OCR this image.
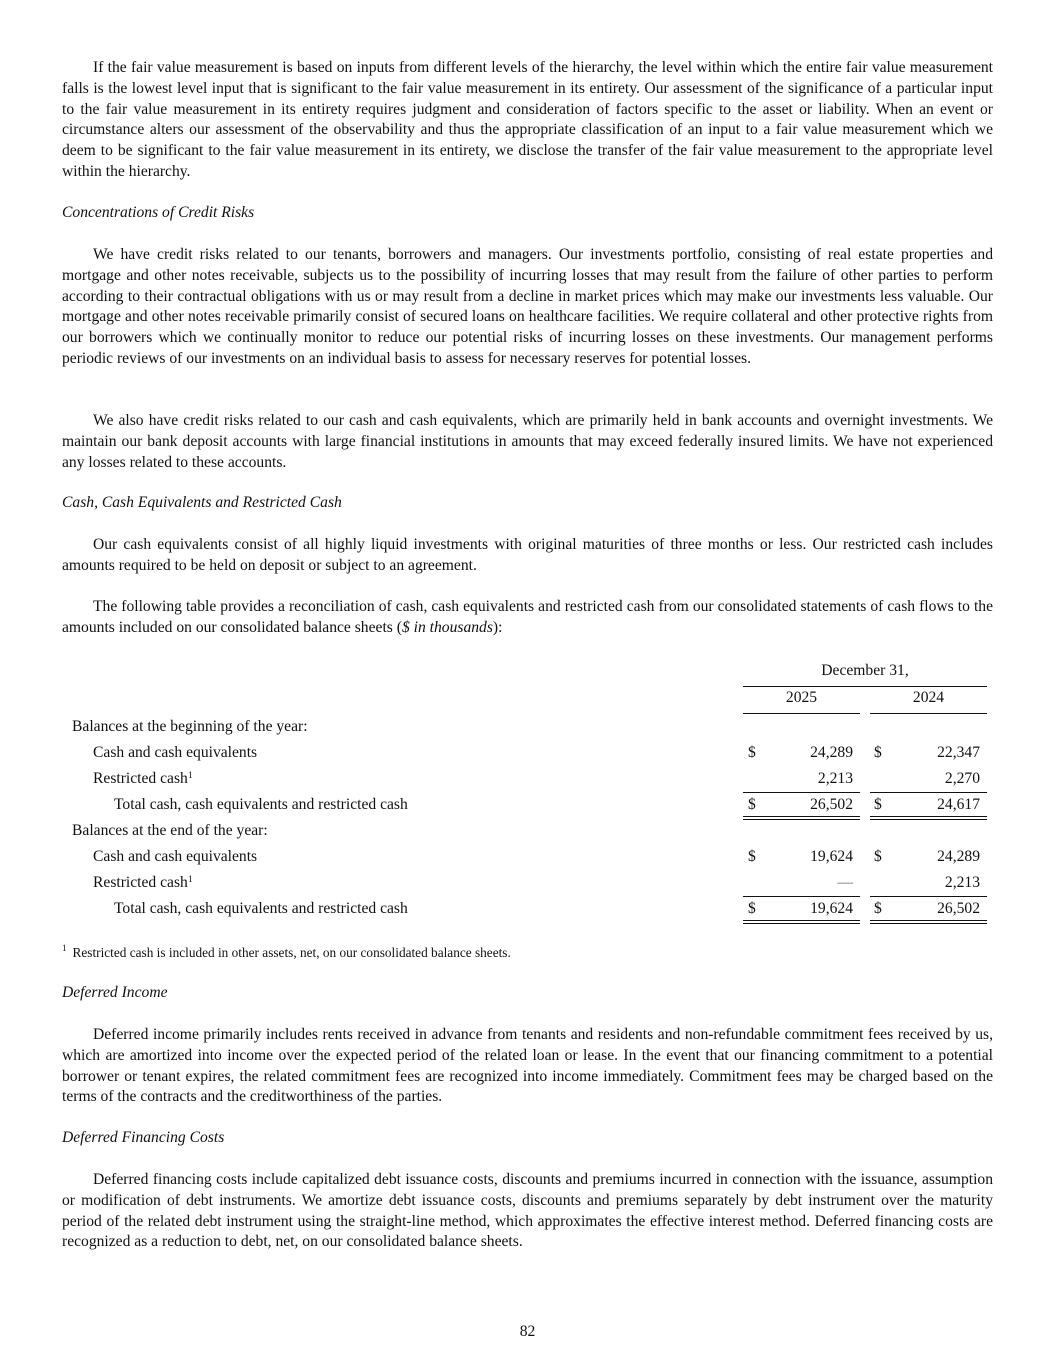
If the fair value measurement is based on inputs from different levels of the hierarchy, the level within which the entire fair value measurement falls is the lowest level input that is significant to the fair value measurement in its entirety. Our assessment of the significance of a particular input to the fair value measurement in its entirety requires judgment and consideration of factors specific to the asset or liability. When an event or circumstance alters our assessment of the observability and thus the appropriate classification of an input to a fair value measurement which we deem to be significant to the fair value measurement in its entirety, we disclose the transfer of the fair value measurement to the appropriate level within the hierarchy.

Concentrations of Credit Risks

We have credit risks related to our tenants, borrowers and managers. Our investments portfolio, consisting of real estate properties and mortgage and other notes receivable, subjects us to the possibility of incurring losses that may result from the failure of other parties to perform according to their contractual obligations with us or may result from a decline in market prices which may make our investments less valuable. Our mortgage and other notes receivable primarily consist of secured loans on healthcare facilities. We require collateral and other protective rights from our borrowers which we continually monitor to reduce our potential risks of incurring losses on these investments. Our management performs periodic reviews of our investments on an individual basis to assess for necessary reserves for potential losses.

We also have credit risks related to our cash and cash equivalents, which are primarily held in bank accounts and overnight investments. We maintain our bank deposit accounts with large financial institutions in amounts that may exceed federally insured limits. We have not experienced any losses related to these accounts.

Cash, Cash Equivalents and Restricted Cash

Our cash equivalents consist of all highly liquid investments with original maturities of three months or less. Our restricted cash includes amounts required to be held on deposit or subject to an agreement.

The following table provides a reconciliation of cash, cash equivalents and restricted cash from our consolidated statements of cash flows to the amounts included on our consolidated balance sheets ($ in thousands):

December 31,
2025	2024
Balances at the beginning of the year:
Cash and cash equivalents	$	24,289 $	22,347
Restricted cash$^1$	2,213	2,270
Total cash, cash equivalents and restricted cash	$	26,502 $	24,617
Balances at the end of the year:
Cash and cash equivalents	$	19,624 $	24,289
Restricted cash$^1$	—	2,213
Total cash, cash equivalents and restricted cash	$	19,624 $	26,502
$^1$ Restricted cash is included in other assets, net, on our consolidated balance sheets.

Deferred Income

Deferred income primarily includes rents received in advance from tenants and residents and non-refundable commitment fees received by us, which are amortized into income over the expected period of the related loan or lease. In the event that our financing commitment to a potential borrower or tenant expires, the related commitment fees are recognized into income immediately. Commitment fees may be charged based on the terms of the contracts and the creditworthiness of the parties.

Deferred Financing Costs

Deferred financing costs include capitalized debt issuance costs, discounts and premiums incurred in connection with the issuance, assumption or modification of debt instruments. We amortize debt issuance costs, discounts and premiums separately by debt instrument over the maturity period of the related debt instrument using the straight-line method, which approximates the effective interest method. Deferred financing costs are recognized as a reduction to debt, net, on our consolidated balance sheets.

82
